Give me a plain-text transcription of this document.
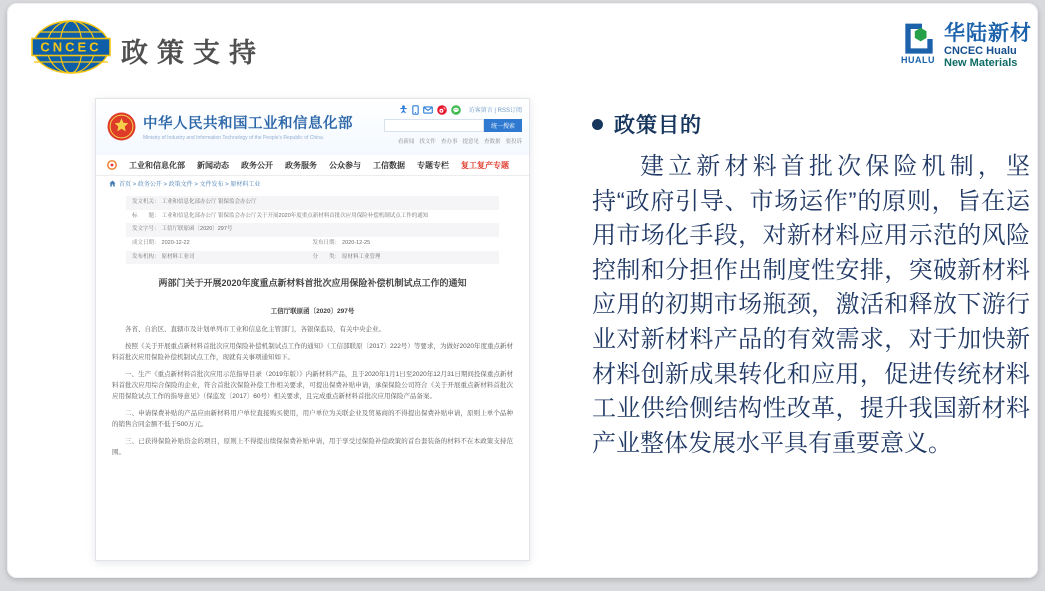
CNCEC 政策支持	HUALU
华陆新材
CNCEC Hualu
New Materials
中华人民共和国工业和信息化部
Ministry of Industry and Information Technology of the People's Republic of China
访客留言 | RSS订阅
统一搜索
看新闻 找文件 查办事 提意见 查数据 要投诉
工业和信息化部 新闻动态 政务公开 政务服务 公众参与 工信数据 专题专栏 复工复产专题
首页 > 政务公开 > 政策文件 > 文件发布 > 原材料工业
发文机关： 工业和信息化部办公厅 银保监会办公厅
标　　题： 工业和信息化部办公厅 银保监会办公厅关于开展2020年度重点新材料首批次应用保险补偿机制试点工作的通知
发文字号： 工信厅联原函〔2020〕297号
成文日期： 2020-12-22	发布日期： 2020-12-25
发布机构： 原材料工业司	分　　类： 原材料工业管理
两部门关于开展2020年度重点新材料首批次应用保险补偿机制试点工作的通知
工信厅联原函〔2020〕297号

各省、自治区、直辖市及计划单列市工业和信息化主管部门，各银保监局，有关中央企业。

按照《关于开展重点新材料首批次应用保险补偿机制试点工作的通知》（工信部联原〔2017〕222号）等要求，为做好2020年度重点新材料首批次应用保险补偿机制试点工作，现就有关事项通知如下。

一、生产《重点新材料首批次应用示范指导目录（2019年版）》内新材料产品，且于2020年1月1日至2020年12月31日期间投保重点新材料首批次应用综合保险的企业，符合首批次保险补偿工作相关要求，可提出保费补贴申请，承保保险公司符合《关于开展重点新材料首批次应用保险试点工作的指导意见》（保监发〔2017〕60号）相关要求，且完成重点新材料首批次应用保险产品备案。

二、申请保费补贴的产品应由新材料用户单位直接购买使用，用户单位为关联企业及贸易商的不得提出保费补贴申请，原则上单个品种的销售合同金额不低于500万元。

三、已获得保险补贴资金的项目，原则上不得提出续保保费补贴申请，用于享受过保险补偿政策的首台套装备的材料不在本政策支持范围。

政策目的
建立新材料首批次保险机制，坚持“政府引导、市场运作”的原则，旨在运用市场化手段，对新材料应用示范的风险控制和分担作出制度性安排，突破新材料应用的初期市场瓶颈，激活和释放下游行业对新材料产品的有效需求，对于加快新材料创新成果转化和应用，促进传统材料工业供给侧结构性改革，提升我国新材料产业整体发展水平具有重要意义。
